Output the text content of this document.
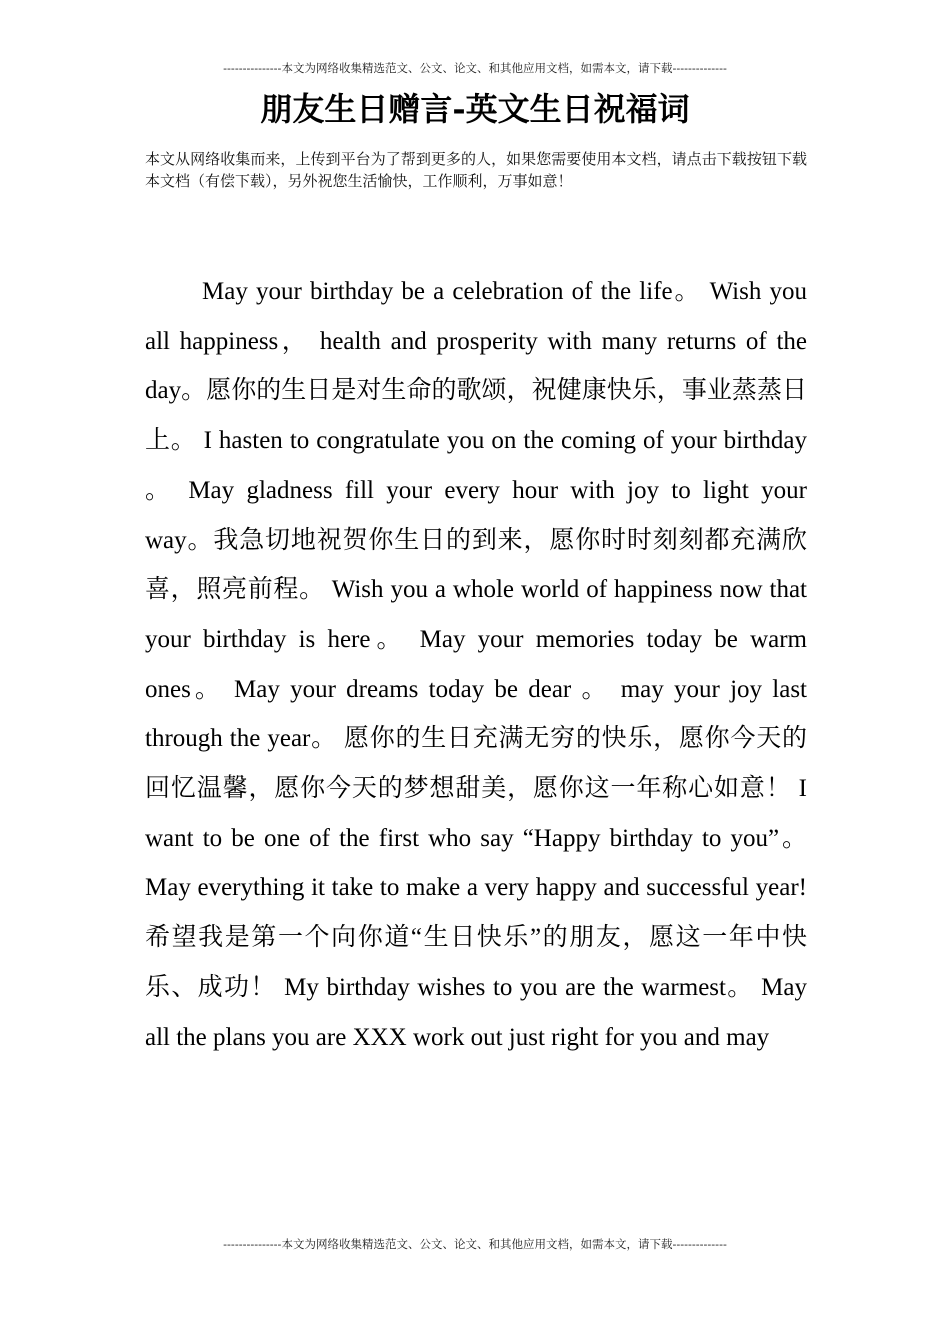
---------------本文为网络收集精选范文、公文、论文、和其他应用文档，如需本文，请下载--------------
朋友生日赠言-英文生日祝福词
本文从网络收集而来，上传到平台为了帮到更多的人，如果您需要使用本文档，请点击下载按钮下载本文档（有偿下载），另外祝您生活愉快，工作顺利，万事如意！

May your birthday be a celebration of the life。 Wish you all happiness， health and prosperity with many returns of the day。愿你的生日是对生命的歌颂，祝健康快乐，事业蒸蒸日上。 I hasten to congratulate you on the coming of your birthday 。 May gladness fill your every hour with joy to light your way。我急切地祝贺你生日的到来，愿你时时刻刻都充满欣喜，照亮前程。 Wish you a whole world of happiness now that your birthday is here。 May your memories today be warm ones。 May your dreams today be dear 。 may your joy last through the year。 愿你的生日充满无穷的快乐，愿你今天的回忆温馨，愿你今天的梦想甜美，愿你这一年称心如意！ I want to be one of the first who say “Happy birthday to you”。 May everything it take to make a very happy and successful year! 希望我是第一个向你道“生日快乐”的朋友，愿这一年中快乐、成功！ My birthday wishes to you are the warmest。 May all the plans you are XXX work out just right for you and may

---------------本文为网络收集精选范文、公文、论文、和其他应用文档，如需本文，请下载--------------
